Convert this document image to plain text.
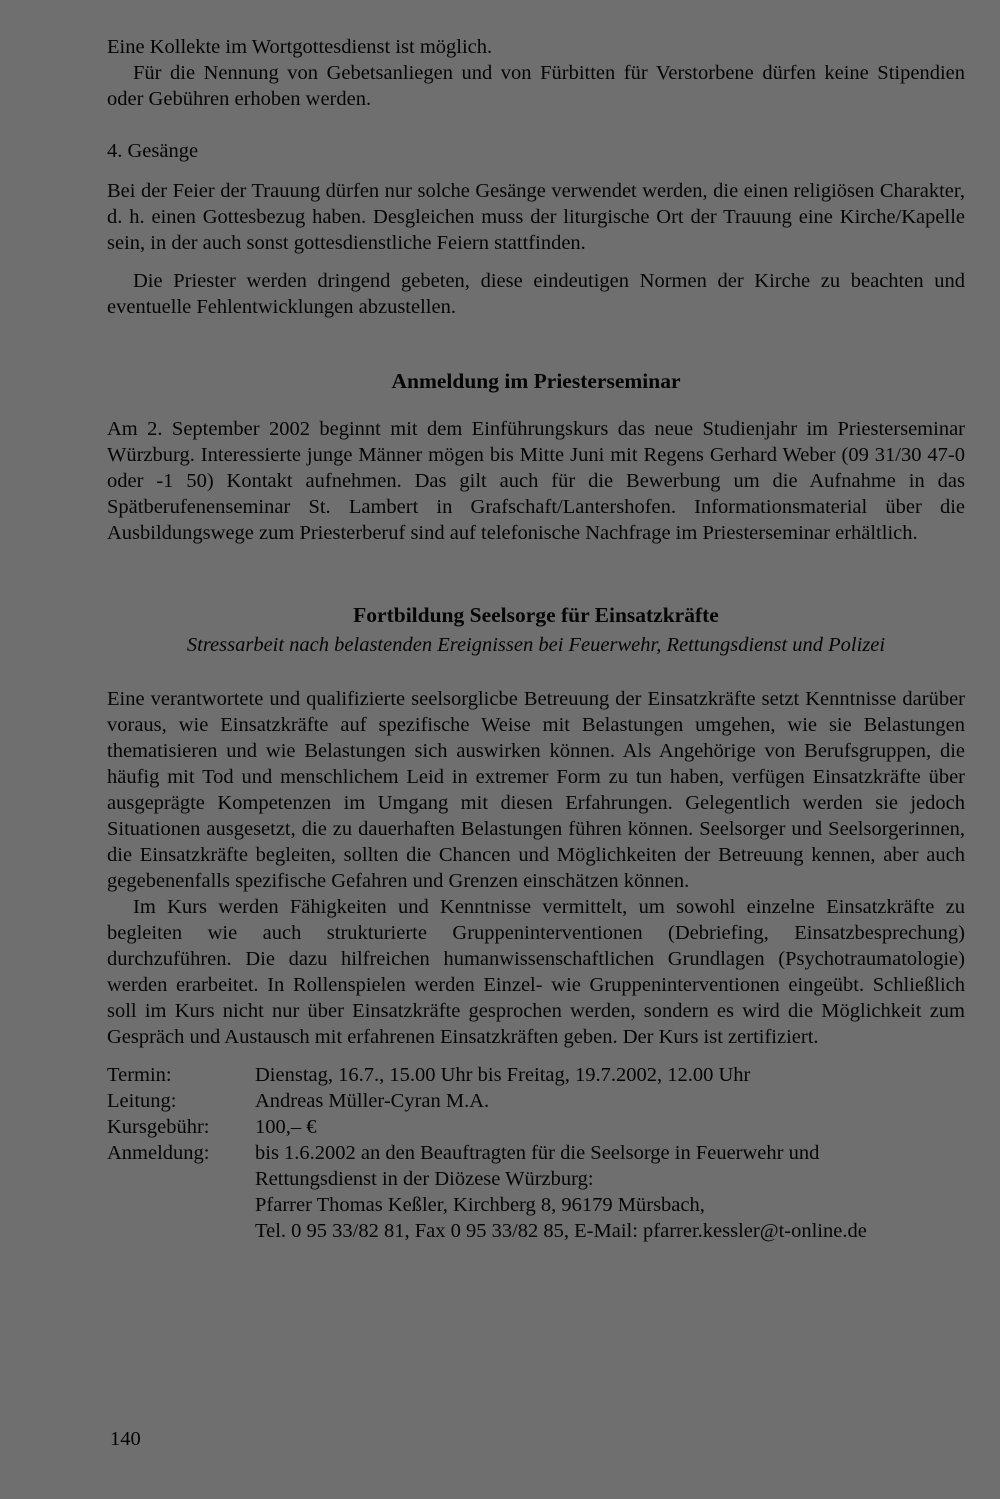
Eine Kollekte im Wortgottesdienst ist möglich.

Für die Nennung von Gebetsanliegen und von Fürbitten für Verstorbene dürfen keine Stipendien oder Gebühren erhoben werden.

4. Gesänge

Bei der Feier der Trauung dürfen nur solche Gesänge verwendet werden, die einen religiösen Charakter, d. h. einen Gottesbezug haben. Desgleichen muss der liturgische Ort der Trauung eine Kirche/Kapelle sein, in der auch sonst gottesdienstliche Feiern stattfinden.

Die Priester werden dringend gebeten, diese eindeutigen Normen der Kirche zu beachten und eventuelle Fehlentwicklungen abzustellen.

Anmeldung im Priesterseminar

Am 2. September 2002 beginnt mit dem Einführungskurs das neue Studienjahr im Priesterseminar Würzburg. Interessierte junge Männer mögen bis Mitte Juni mit Regens Gerhard Weber (09 31/30 47-0 oder -1 50) Kontakt aufnehmen. Das gilt auch für die Bewerbung um die Aufnahme in das Spätberufenenseminar St. Lambert in Grafschaft/Lantershofen. Informationsmaterial über die Ausbildungswege zum Priesterberuf sind auf telefonische Nachfrage im Priesterseminar erhältlich.

Fortbildung Seelsorge für Einsatzkräfte

Stressarbeit nach belastenden Ereignissen bei Feuerwehr, Rettungsdienst und Polizei

Eine verantwortete und qualifizierte seelsorglicbe Betreuung der Einsatzkräfte setzt Kenntnisse darüber voraus, wie Einsatzkräfte auf spezifische Weise mit Belastungen umgehen, wie sie Belastungen thematisieren und wie Belastungen sich auswirken können. Als Angehörige von Berufsgruppen, die häufig mit Tod und menschlichem Leid in extremer Form zu tun haben, verfügen Einsatzkräfte über ausgeprägte Kompetenzen im Umgang mit diesen Erfahrungen. Gelegentlich werden sie jedoch Situationen ausgesetzt, die zu dauerhaften Belastungen führen können. Seelsorger und Seelsorgerinnen, die Einsatzkräfte begleiten, sollten die Chancen und Möglichkeiten der Betreuung kennen, aber auch gegebenenfalls spezifische Gefahren und Grenzen einschätzen können.

Im Kurs werden Fähigkeiten und Kenntnisse vermittelt, um sowohl einzelne Einsatzkräfte zu begleiten wie auch strukturierte Gruppeninterventionen (Debriefing, Einsatzbesprechung) durchzuführen. Die dazu hilfreichen humanwissenschaftlichen Grundlagen (Psychotraumatologie) werden erarbeitet. In Rollenspielen werden Einzel- wie Gruppeninterventionen eingeübt. Schließlich soll im Kurs nicht nur über Einsatzkräfte gesprochen werden, sondern es wird die Möglichkeit zum Gespräch und Austausch mit erfahrenen Einsatzkräften geben. Der Kurs ist zertifiziert.

Termin:	Dienstag, 16.7., 15.00 Uhr bis Freitag, 19.7.2002, 12.00 Uhr
Leitung:	Andreas Müller-Cyran M.A.
Kursgebühr:	100,– €
Anmeldung:	bis 1.6.2002 an den Beauftragten für die Seelsorge in Feuerwehr und
Rettungsdienst in der Diözese Würzburg:
Pfarrer Thomas Keßler, Kirchberg 8, 96179 Mürsbach,
Tel. 0 95 33/82 81, Fax 0 95 33/82 85, E-Mail: pfarrer.kessler@t-online.de
140
